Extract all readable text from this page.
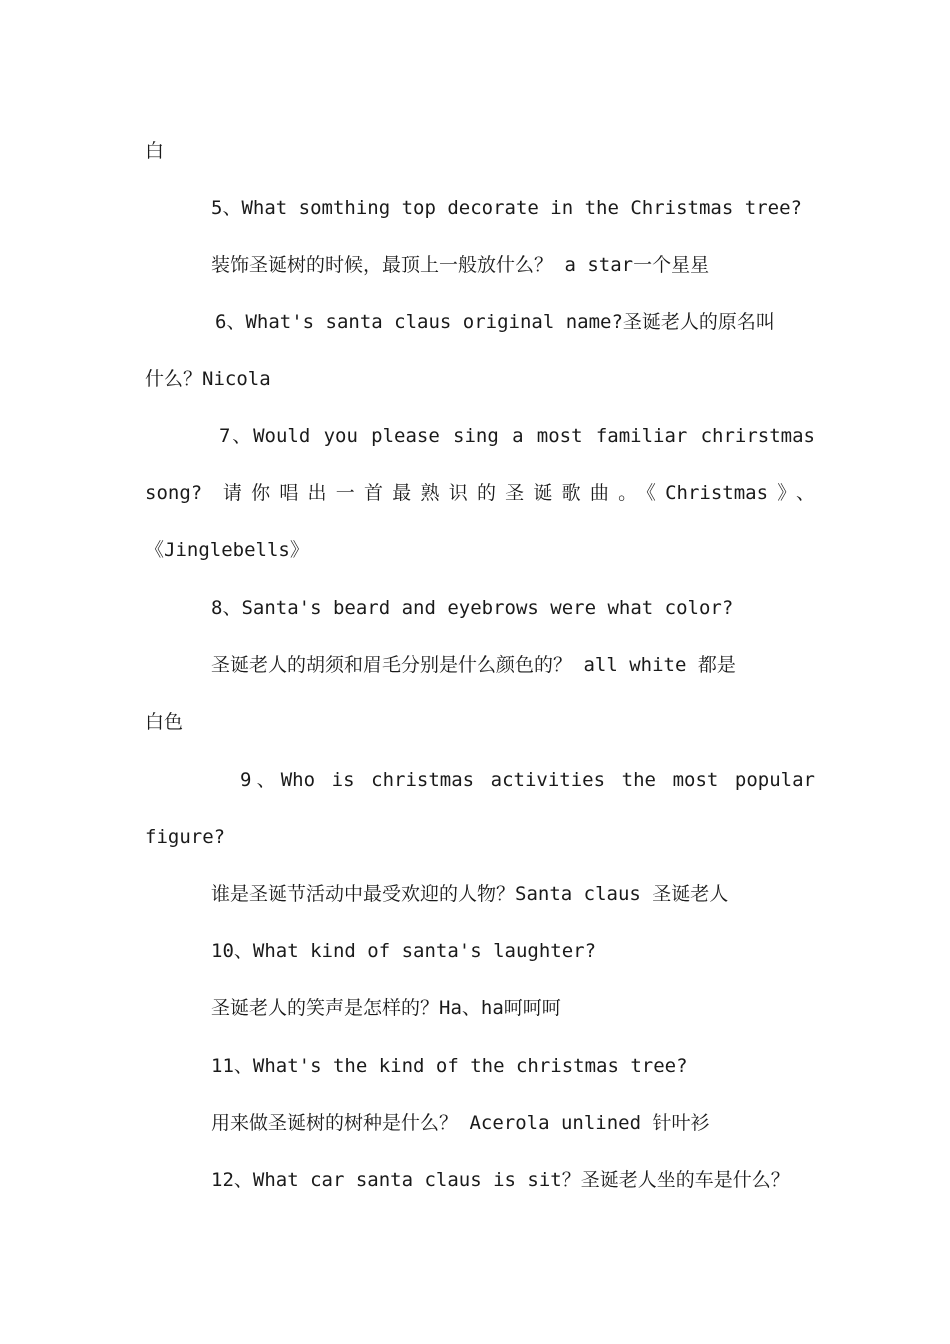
白
5、What somthing top decorate in the Christmas tree?
装饰圣诞树的时候，最顶上一般放什么？ a star一个星星
6、What's santa claus original name?圣诞老人的原名叫
什么？Nicola
7、Would you please sing a most familiar chrirstmas
song? 请你唱出一首最熟识的圣诞歌曲。《Christmas》、
《Jinglebells》
8、Santa's beard and eyebrows were what color?
圣诞老人的胡须和眉毛分别是什么颜色的？ all white 都是
白色
9、Who is christmas activities the most popular
figure?
谁是圣诞节活动中最受欢迎的人物？Santa claus 圣诞老人
10、What kind of santa's laughter?
圣诞老人的笑声是怎样的？Ha、ha呵呵呵
11、What's the kind of the christmas tree?
用来做圣诞树的树种是什么？ Acerola unlined 针叶衫
12、What car santa claus is sit？圣诞老人坐的车是什么？
